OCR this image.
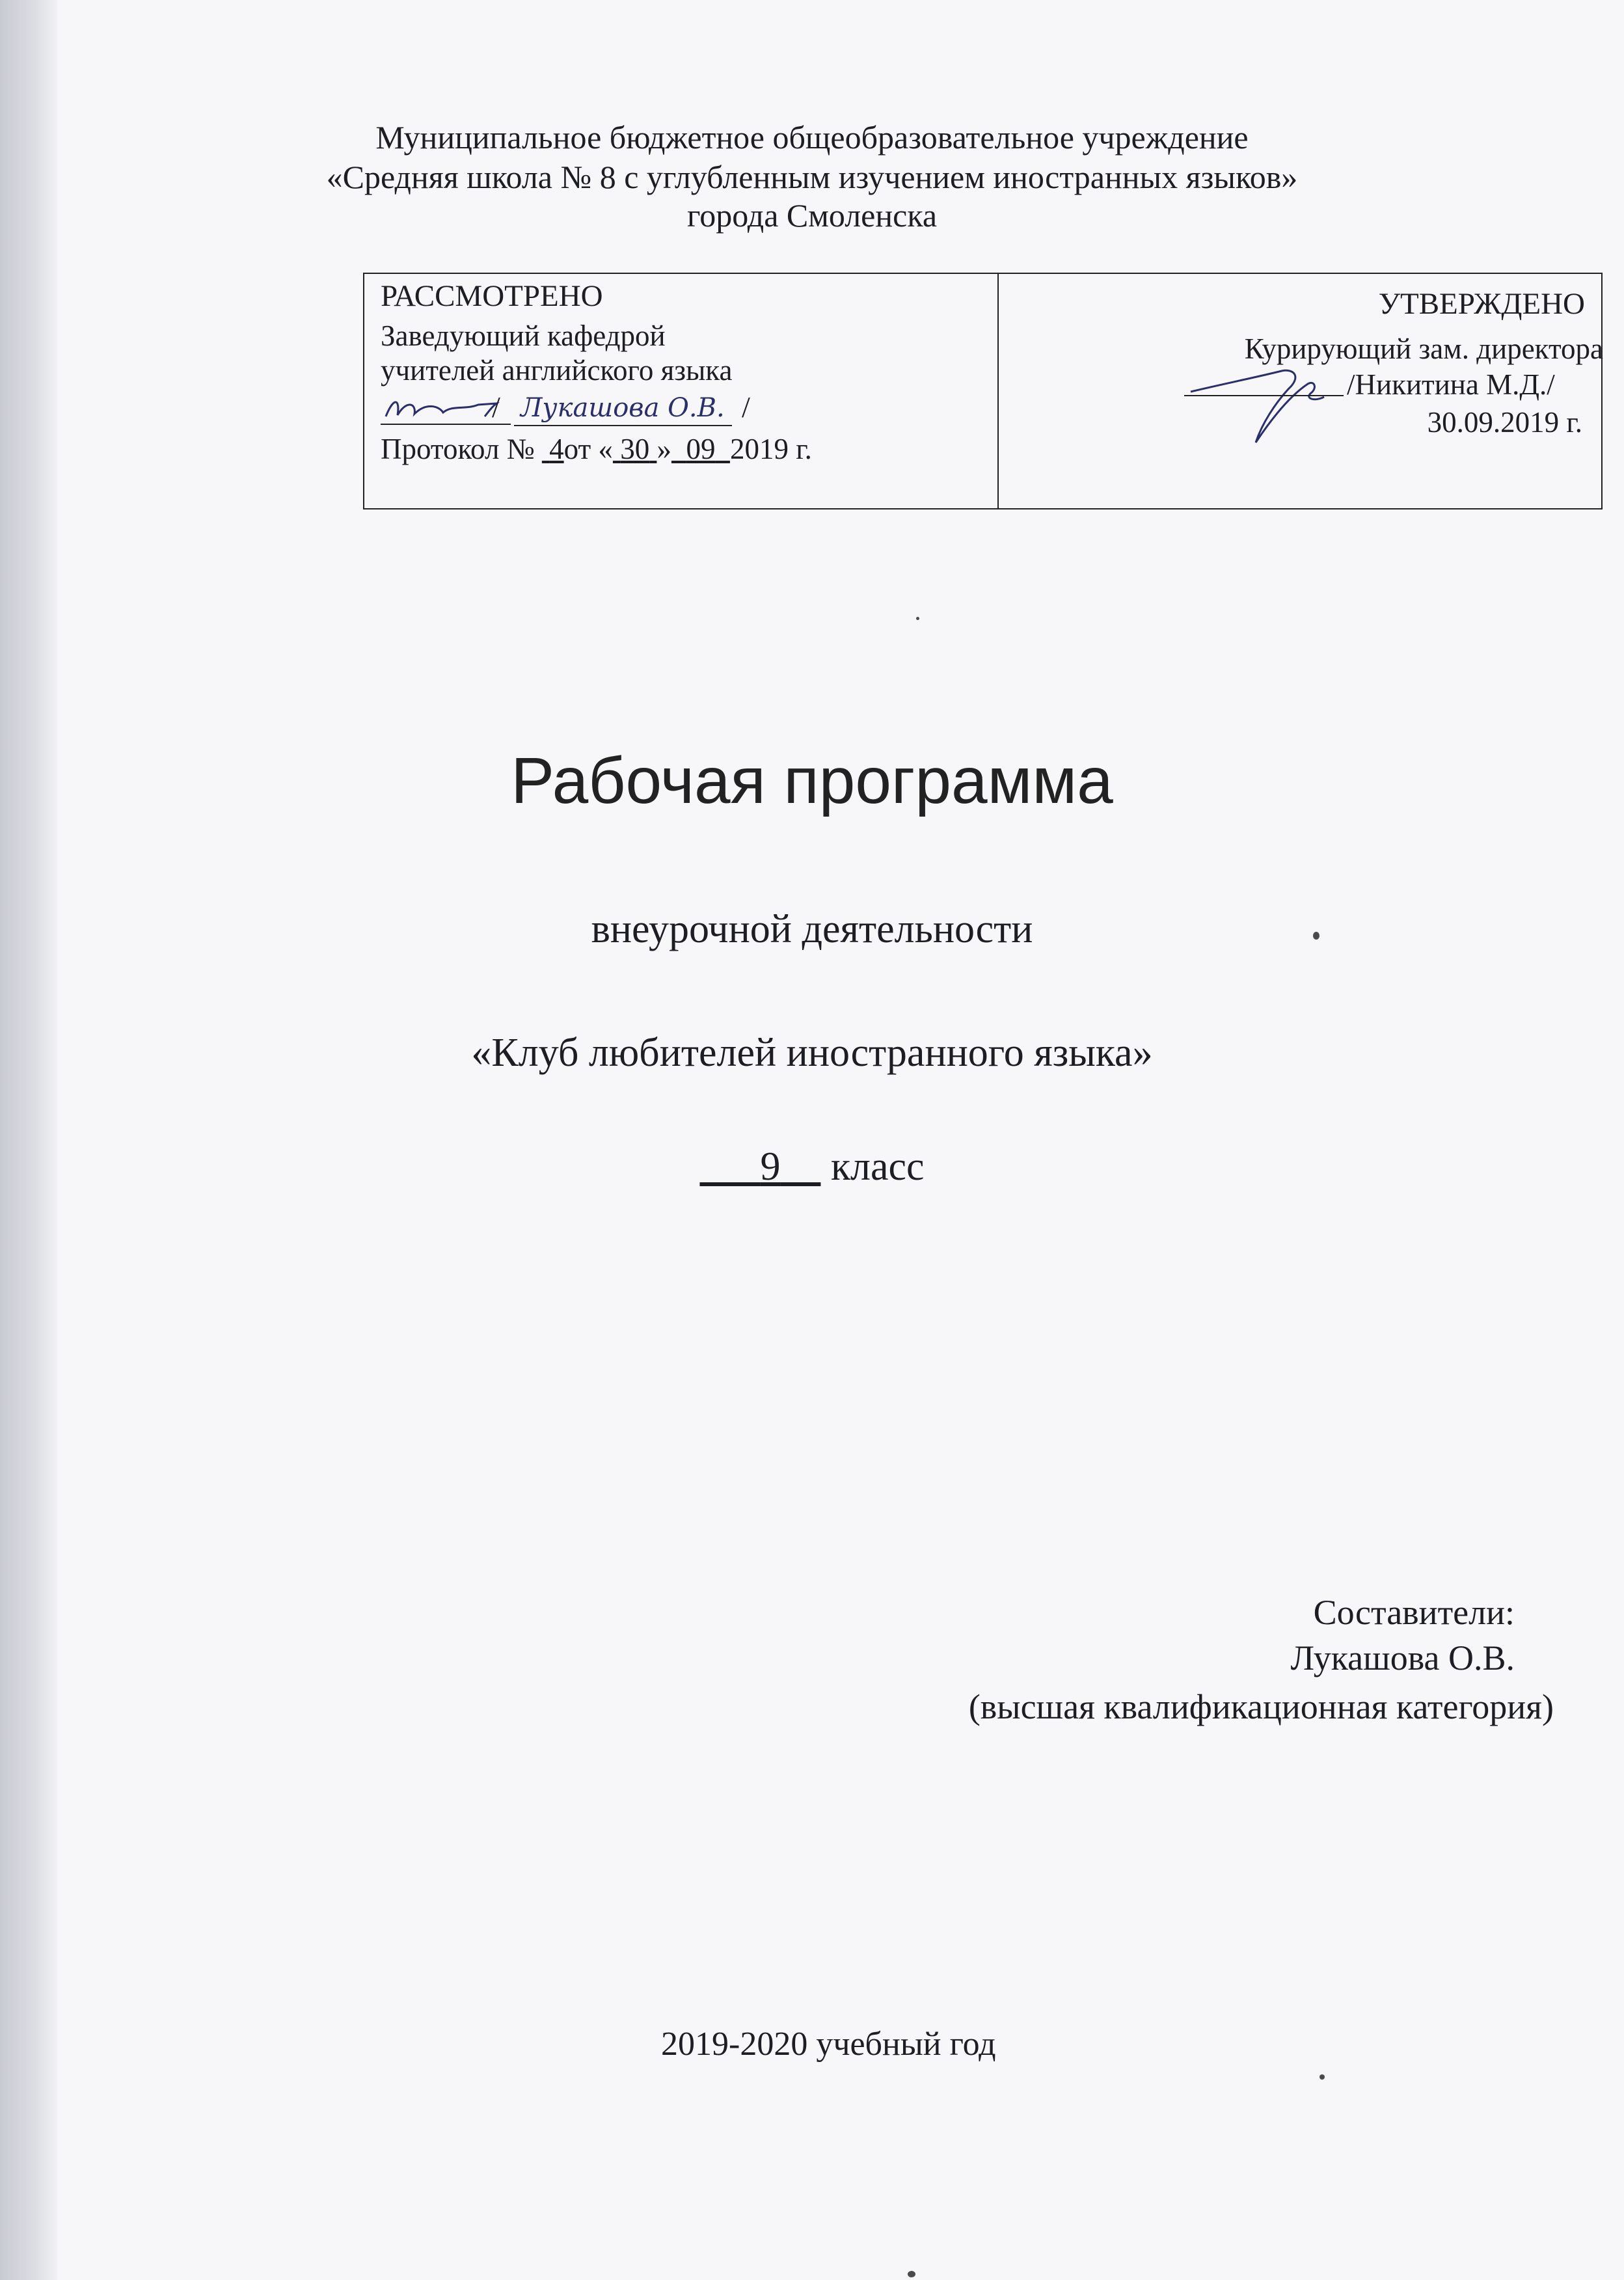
Муниципальное бюджетное общеобразовательное учреждение
«Средняя школа № 8 с углубленным изучением иностранных языков»
города Смоленска
РАССМОТРЕНО
Заведующий кафедрой
учителей английского языка
Лукашова О.В.
/	/
Протокол № 4от « 30 » 09 2019 г.
УТВЕРЖДЕНО
Курирующий зам. директора
/Никитина М.Д./
30.09.2019 г.
Рабочая программа
внеурочной деятельности
«Клуб любителей иностранного языка»
9 класс
Составители:
Лукашова О.В.
(высшая квалификационная категория)
2019-2020 учебный год
